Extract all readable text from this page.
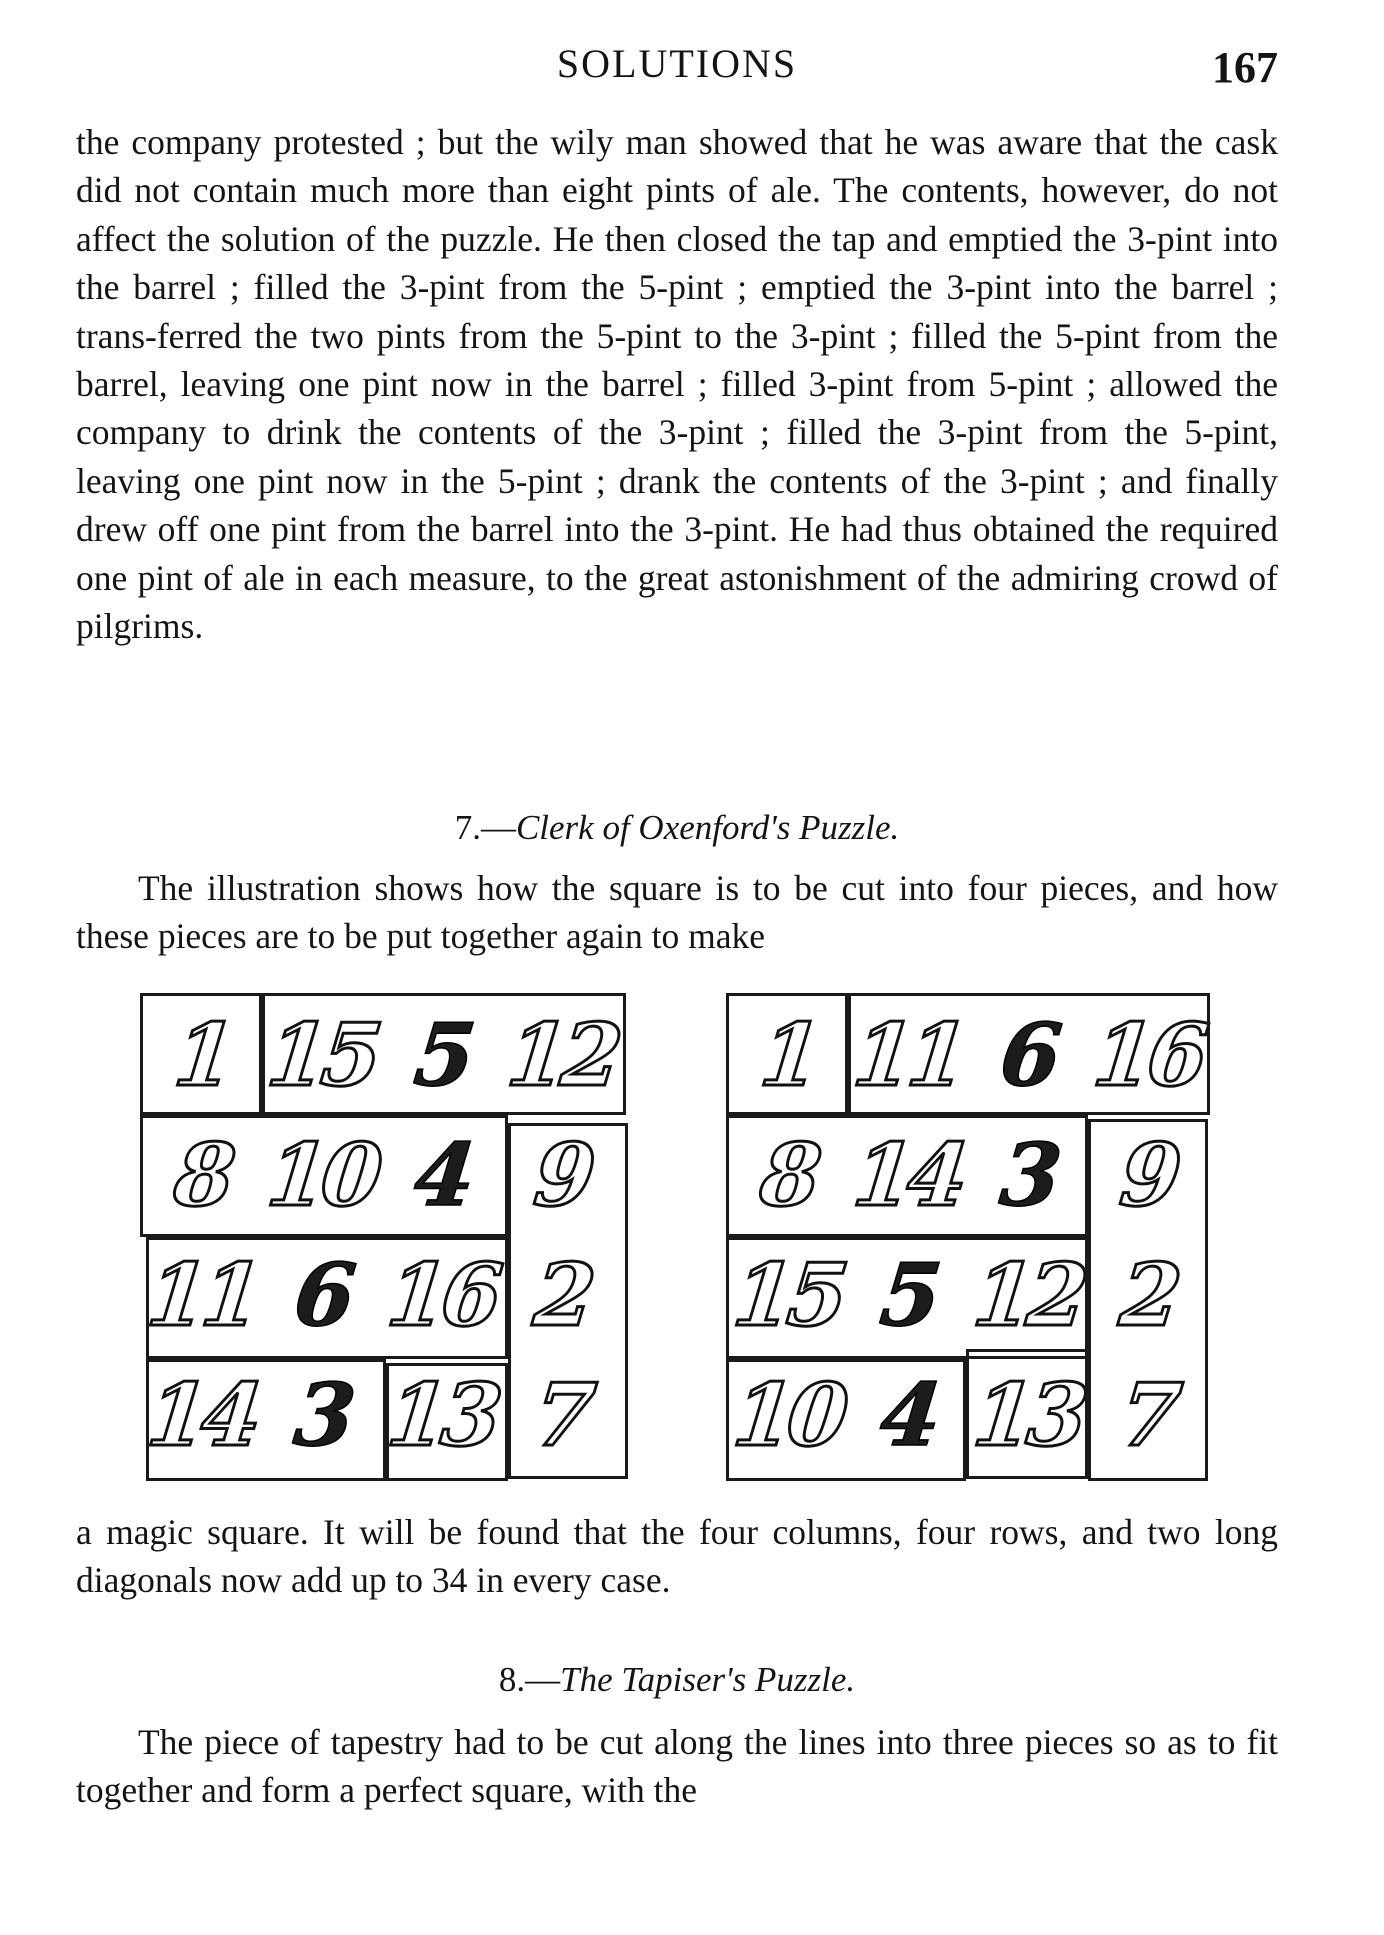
SOLUTIONS	167

the company protested ; but the wily man showed that he was aware that the cask did not contain much more than eight pints of ale. The contents, however, do not affect the solution of the puzzle. He then closed the tap and emptied the 3-pint into the barrel ; filled the 3-pint from the 5-pint ; emptied the 3-pint into the barrel ; trans-ferred the two pints from the 5-pint to the 3-pint ; filled the 5-pint from the barrel, leaving one pint now in the barrel ; filled 3-pint from 5-pint ; allowed the company to drink the contents of the 3-pint ; filled the 3-pint from the 5-pint, leaving one pint now in the 5-pint ; drank the contents of the 3-pint ; and finally drew off one pint from the barrel into the 3-pint. He had thus obtained the required one pint of ale in each measure, to the great astonishment of the admiring crowd of pilgrims.

7.—Clerk of Oxenford's Puzzle.

The illustration shows how the square is to be cut into four pieces, and how these pieces are to be put together again to make

1 15 5 12
8 10 4 9
11 6 16 2
14 3 13 7
1 11 6 16
8 14 3 9
15 5 12 2
10 4 13 7

a magic square. It will be found that the four columns, four rows, and two long diagonals now add up to 34 in every case.

8.—The Tapiser's Puzzle.

The piece of tapestry had to be cut along the lines into three pieces so as to fit together and form a perfect square, with the
